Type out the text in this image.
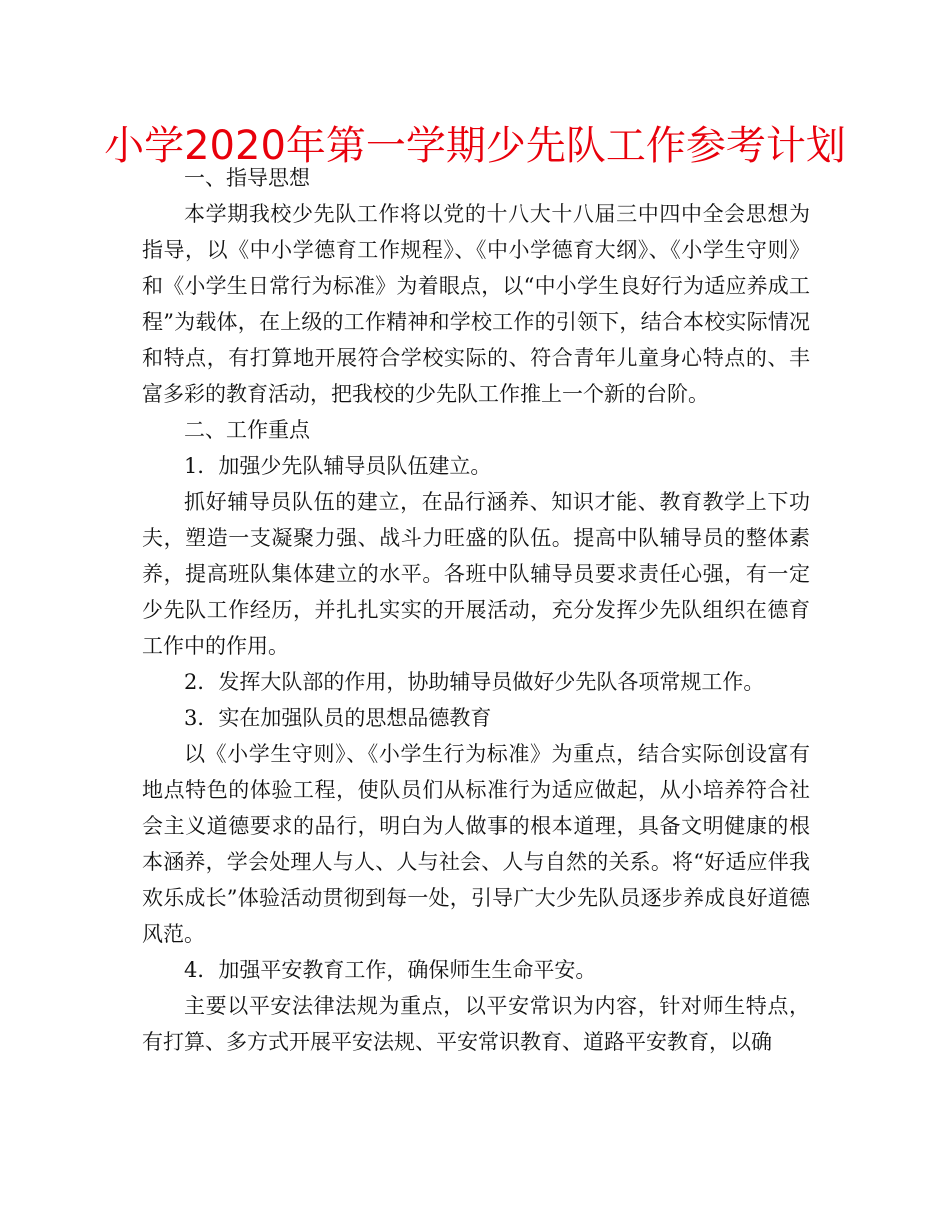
小学2020年第一学期少先队工作参考计划

一、指导思想

本学期我校少先队工作将以党的十八大十八届三中四中全会思想为指导，以《中小学德育工作规程》、《中小学德育大纲》、《小学生守则》和《小学生日常行为标准》为着眼点，以“中小学生良好行为适应养成工程”为载体，在上级的工作精神和学校工作的引领下，结合本校实际情况和特点，有打算地开展符合学校实际的、符合青年儿童身心特点的、丰富多彩的教育活动，把我校的少先队工作推上一个新的台阶。

二、工作重点

1．加强少先队辅导员队伍建立。

抓好辅导员队伍的建立，在品行涵养、知识才能、教育教学上下功夫，塑造一支凝聚力强、战斗力旺盛的队伍。提高中队辅导员的整体素养，提高班队集体建立的水平。各班中队辅导员要求责任心强，有一定少先队工作经历，并扎扎实实的开展活动，充分发挥少先队组织在德育工作中的作用。

2．发挥大队部的作用，协助辅导员做好少先队各项常规工作。

3．实在加强队员的思想品德教育

以《小学生守则》、《小学生行为标准》为重点，结合实际创设富有地点特色的体验工程，使队员们从标准行为适应做起，从小培养符合社会主义道德要求的品行，明白为人做事的根本道理，具备文明健康的根本涵养，学会处理人与人、人与社会、人与自然的关系。将“好适应伴我欢乐成长”体验活动贯彻到每一处，引导广大少先队员逐步养成良好道德风范。

4．加强平安教育工作，确保师生生命平安。

主要以平安法律法规为重点，以平安常识为内容，针对师生特点，有打算、多方式开展平安法规、平安常识教育、道路平安教育，以确
